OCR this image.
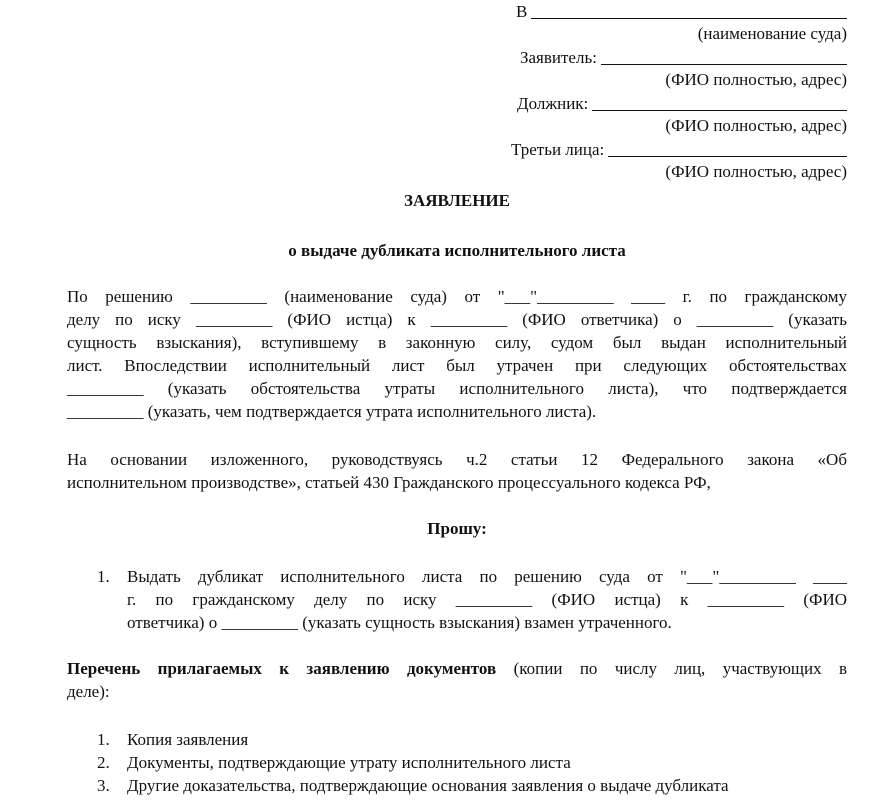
В
(наименование суда)
Заявитель:
(ФИО полностью, адрес)
Должник:
(ФИО полностью, адрес)
Третьи лица:
(ФИО полностью, адрес)
ЗАЯВЛЕНИЕ
о выдаче дубликата исполнительного листа
По решению _________ (наименование суда) от "___"_________ ____ г. по гражданскому
делу по иску _________ (ФИО истца) к _________ (ФИО ответчика) о _________ (указать
сущность взыскания), вступившему в законную силу, судом был выдан исполнительный
лист. Впоследствии исполнительный лист был утрачен при следующих обстоятельствах
_________ (указать обстоятельства утраты исполнительного листа), что подтверждается
_________ (указать, чем подтверждается утрата исполнительного листа).
На основании изложенного, руководствуясь ч.2 статьи 12 Федерального закона «Об
исполнительном производстве», статьей 430 Гражданского процессуального кодекса РФ,
Прошу:
1. Выдать дубликат исполнительного листа по решению суда от "___"_________ ____
г. по гражданскому делу по иску _________ (ФИО истца) к _________ (ФИО
ответчика) о _________ (указать сущность взыскания) взамен утраченного.
Перечень прилагаемых к заявлению документов (копии по числу лиц, участвующих в
деле):
1. Копия заявления
2. Документы, подтверждающие утрату исполнительного листа
3. Другие доказательства, подтверждающие основания заявления о выдаче дубликата
